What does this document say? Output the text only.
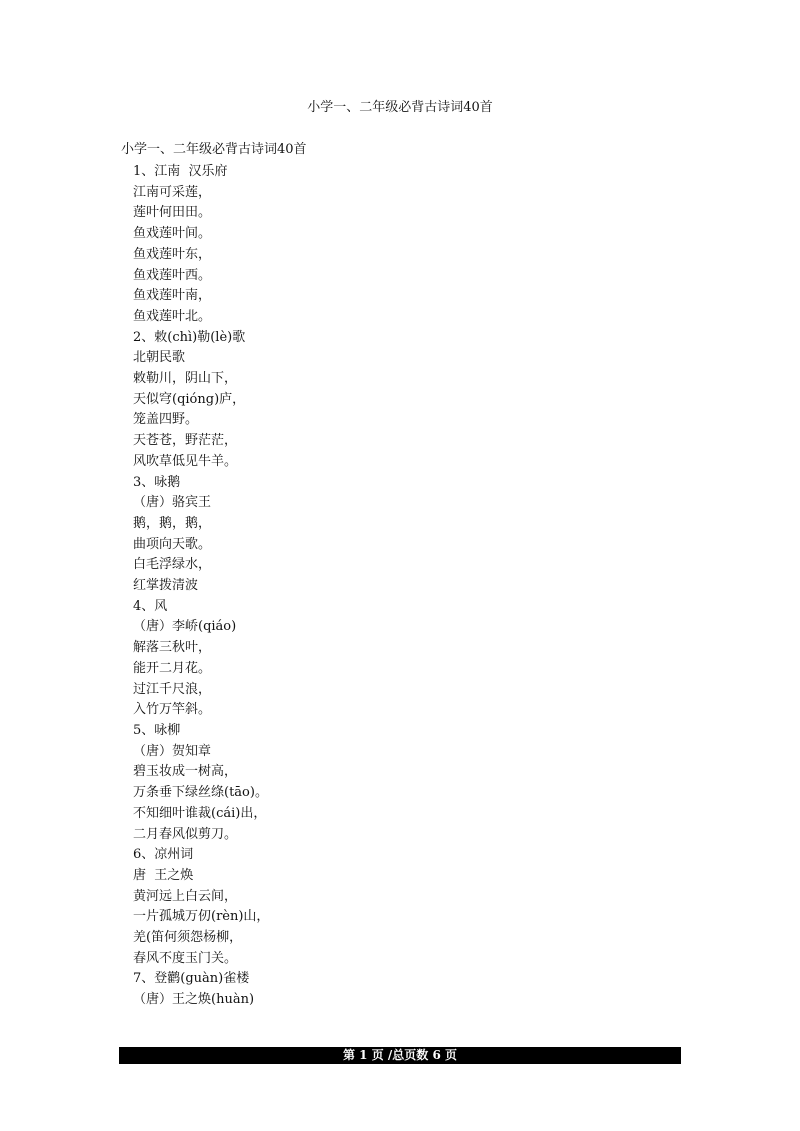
小学一、二年级必背古诗词40首
小学一、二年级必背古诗词40首
1、江南  汉乐府
江南可采莲，
莲叶何田田。
鱼戏莲叶间。
鱼戏莲叶东，
鱼戏莲叶西。
鱼戏莲叶南，
鱼戏莲叶北。
2、敕(chì)勒(lè)歌
北朝民歌
敕勒川，阴山下，
天似穹(qióng)庐，
笼盖四野。
天苍苍，野茫茫，
风吹草低见牛羊。
3、咏鹅
（唐）骆宾王
鹅，鹅，鹅，
曲项向天歌。
白毛浮绿水，
红掌拨清波
4、风
（唐）李峤(qiáo)
解落三秋叶，
能开二月花。
过江千尺浪，
入竹万竿斜。
5、咏柳
（唐）贺知章
碧玉妆成一树高，
万条垂下绿丝绦(tāo)。
不知细叶谁裁(cái)出，
二月春风似剪刀。
6、凉州词
唐  王之焕
黄河远上白云间，
一片孤城万仞(rèn)山，
羌(笛何须怨杨柳，
春风不度玉门关。
7、登鹳(guàn)雀楼
（唐）王之焕(huàn)
第 1 页 /总页数 6 页
